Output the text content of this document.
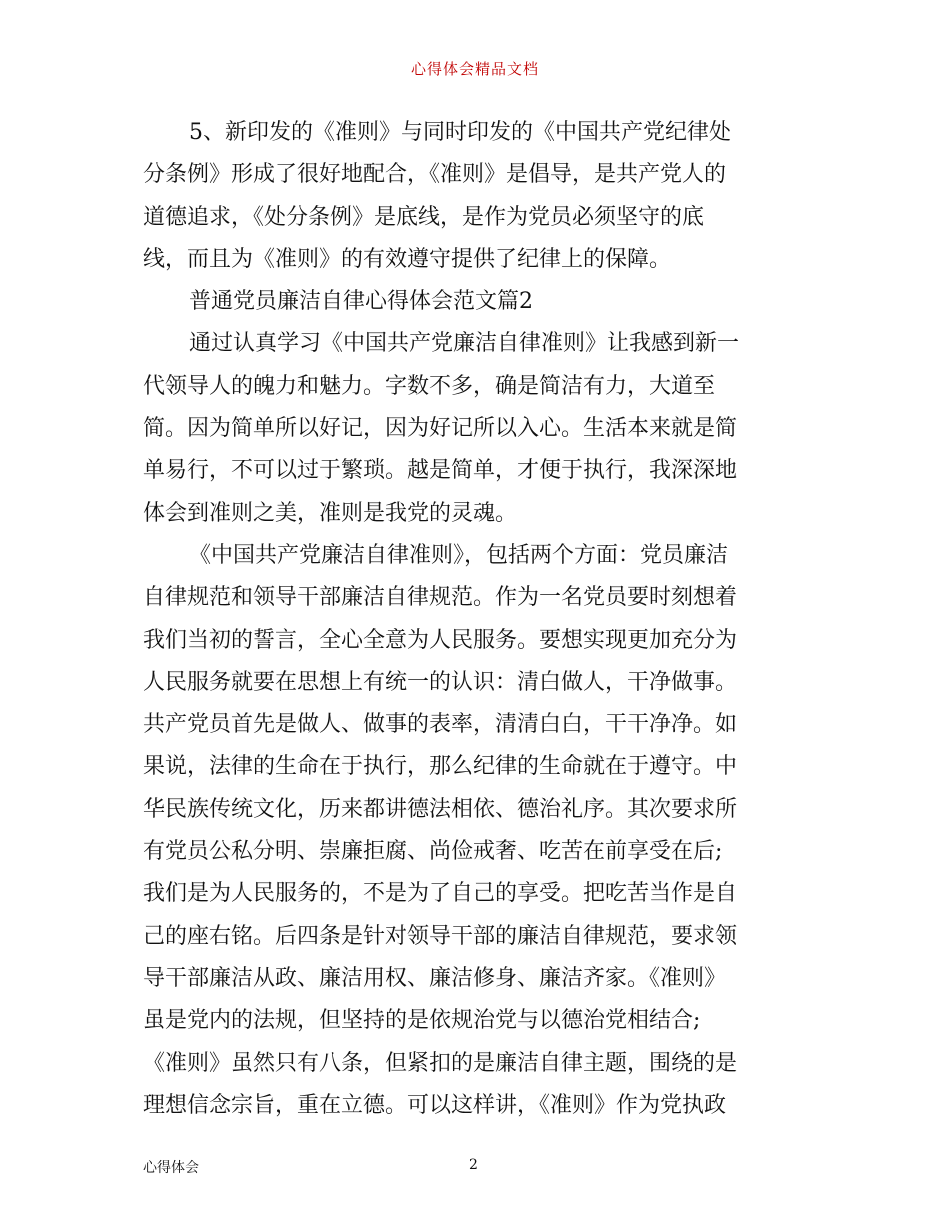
心得体会精品文档
5、新印发的《准则》与同时印发的《中国共产党纪律处
分条例》形成了很好地配合，《准则》是倡导，是共产党人的
道德追求，《处分条例》是底线，是作为党员必须坚守的底
线，而且为《准则》的有效遵守提供了纪律上的保障。
普通党员廉洁自律心得体会范文篇2
通过认真学习《中国共产党廉洁自律准则》让我感到新一
代领导人的魄力和魅力。字数不多，确是简洁有力，大道至
简。因为简单所以好记，因为好记所以入心。生活本来就是简
单易行，不可以过于繁琐。越是简单，才便于执行，我深深地
体会到准则之美，准则是我党的灵魂。
《中国共产党廉洁自律准则》，包括两个方面：党员廉洁
自律规范和领导干部廉洁自律规范。作为一名党员要时刻想着
我们当初的誓言，全心全意为人民服务。要想实现更加充分为
人民服务就要在思想上有统一的认识：清白做人，干净做事。
共产党员首先是做人、做事的表率，清清白白，干干净净。如
果说，法律的生命在于执行，那么纪律的生命就在于遵守。中
华民族传统文化，历来都讲德法相依、德治礼序。其次要求所
有党员公私分明、崇廉拒腐、尚俭戒奢、吃苦在前享受在后;
我们是为人民服务的，不是为了自己的享受。把吃苦当作是自
己的座右铭。后四条是针对领导干部的廉洁自律规范，要求领
导干部廉洁从政、廉洁用权、廉洁修身、廉洁齐家。《准则》
虽是党内的法规，但坚持的是依规治党与以德治党相结合;
《准则》虽然只有八条，但紧扣的是廉洁自律主题，围绕的是
理想信念宗旨，重在立德。可以这样讲，《准则》作为党执政
心得体会	2
